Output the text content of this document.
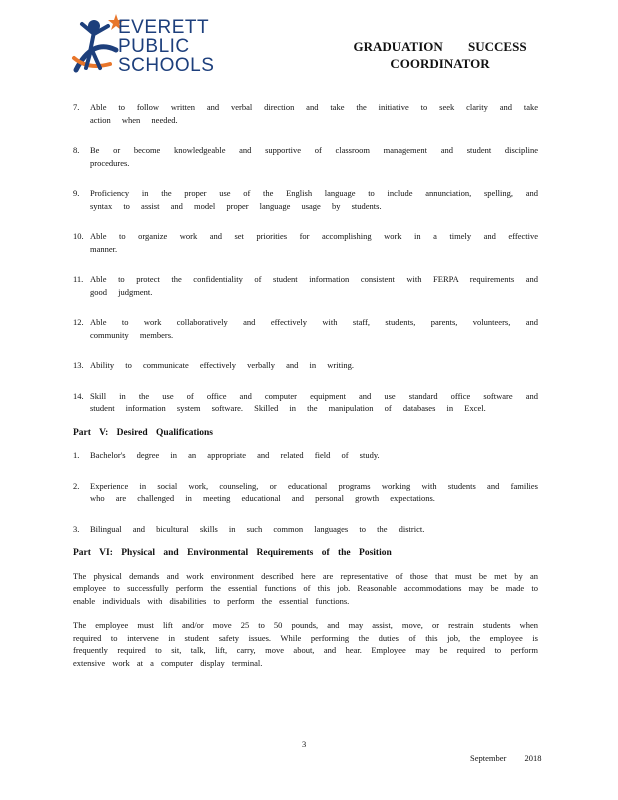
EVERETT
PUBLIC
SCHOOLS
GRADUATION SUCCESS
COORDINATOR
7. Able to follow written and verbal direction and take the initiative to seek clarity and take action when needed.
8. Be or become knowledgeable and supportive of classroom management and student discipline procedures.
9. Proficiency in the proper use of the English language to include annunciation, spelling, and syntax to assist and model proper language usage by students.
10. Able to organize work and set priorities for accomplishing work in a timely and effective manner.
11. Able to protect the confidentiality of student information consistent with FERPA requirements and good judgment.
12. Able to work collaboratively and effectively with staff, students, parents, volunteers, and community members.
13. Ability to communicate effectively verbally and in writing.
14. Skill in the use of office and computer equipment and use standard office software and student information system software. Skilled in the manipulation of databases in Excel.
Part V: Desired Qualifications
1. Bachelor's degree in an appropriate and related field of study.
2. Experience in social work, counseling, or educational programs working with students and families who are challenged in meeting educational and personal growth expectations.
3. Bilingual and bicultural skills in such common languages to the district.
Part VI: Physical and Environmental Requirements of the Position
The physical demands and work environment described here are representative of those that must be met by an employee to successfully perform the essential functions of this job. Reasonable accommodations may be made to enable individuals with disabilities to perform the essential functions.
The employee must lift and/or move 25 to 50 pounds, and may assist, move, or restrain students when required to intervene in student safety issues. While performing the duties of this job, the employee is frequently required to sit, talk, lift, carry, move about, and hear. Employee may be required to perform extensive work at a computer display terminal.
3
September 2018
